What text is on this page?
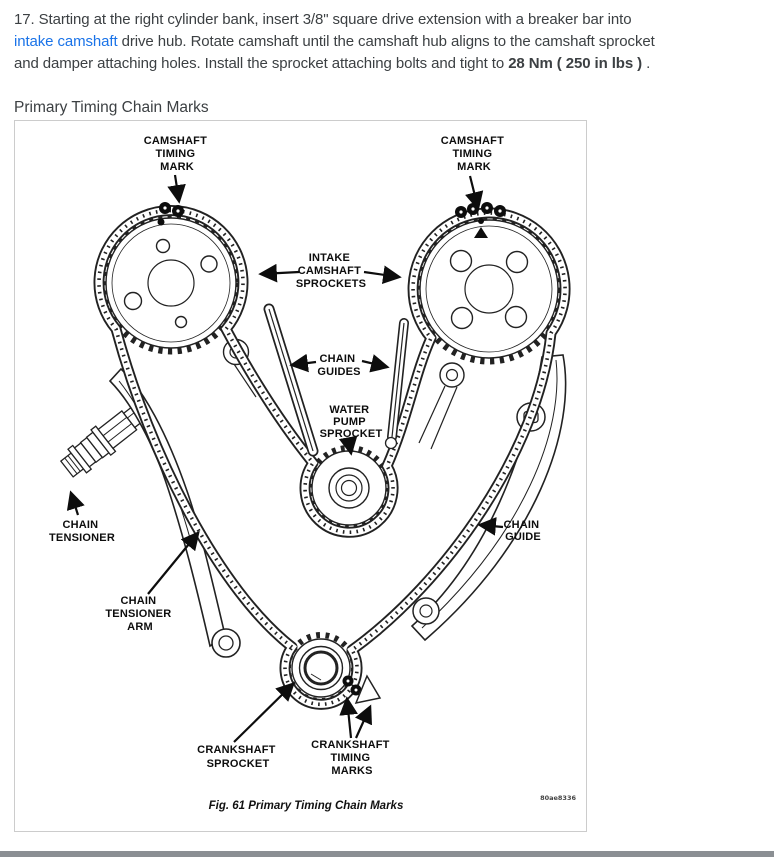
17. Starting at the right cylinder bank, insert 3/8" square drive extension with a breaker bar into intake camshaft drive hub. Rotate camshaft until the camshaft hub aligns to the camshaft sprocket and damper attaching holes. Install the sprocket attaching bolts and tight to 28 Nm ( 250 in lbs ) .

Primary Timing Chain Marks
CAMSHAFT TIMING MARK
CAMSHAFT TIMING MARK
INTAKE CAMSHAFT SPROCKETS
CHAIN GUIDES
WATER PUMP SPROCKET
CHAIN TENSIONER
CHAIN TENSIONER ARM
CHAIN GUIDE
CRANKSHAFT SPROCKET
CRANKSHAFT TIMING MARKS
Fig. 61 Primary Timing Chain Marks
80ae8336
